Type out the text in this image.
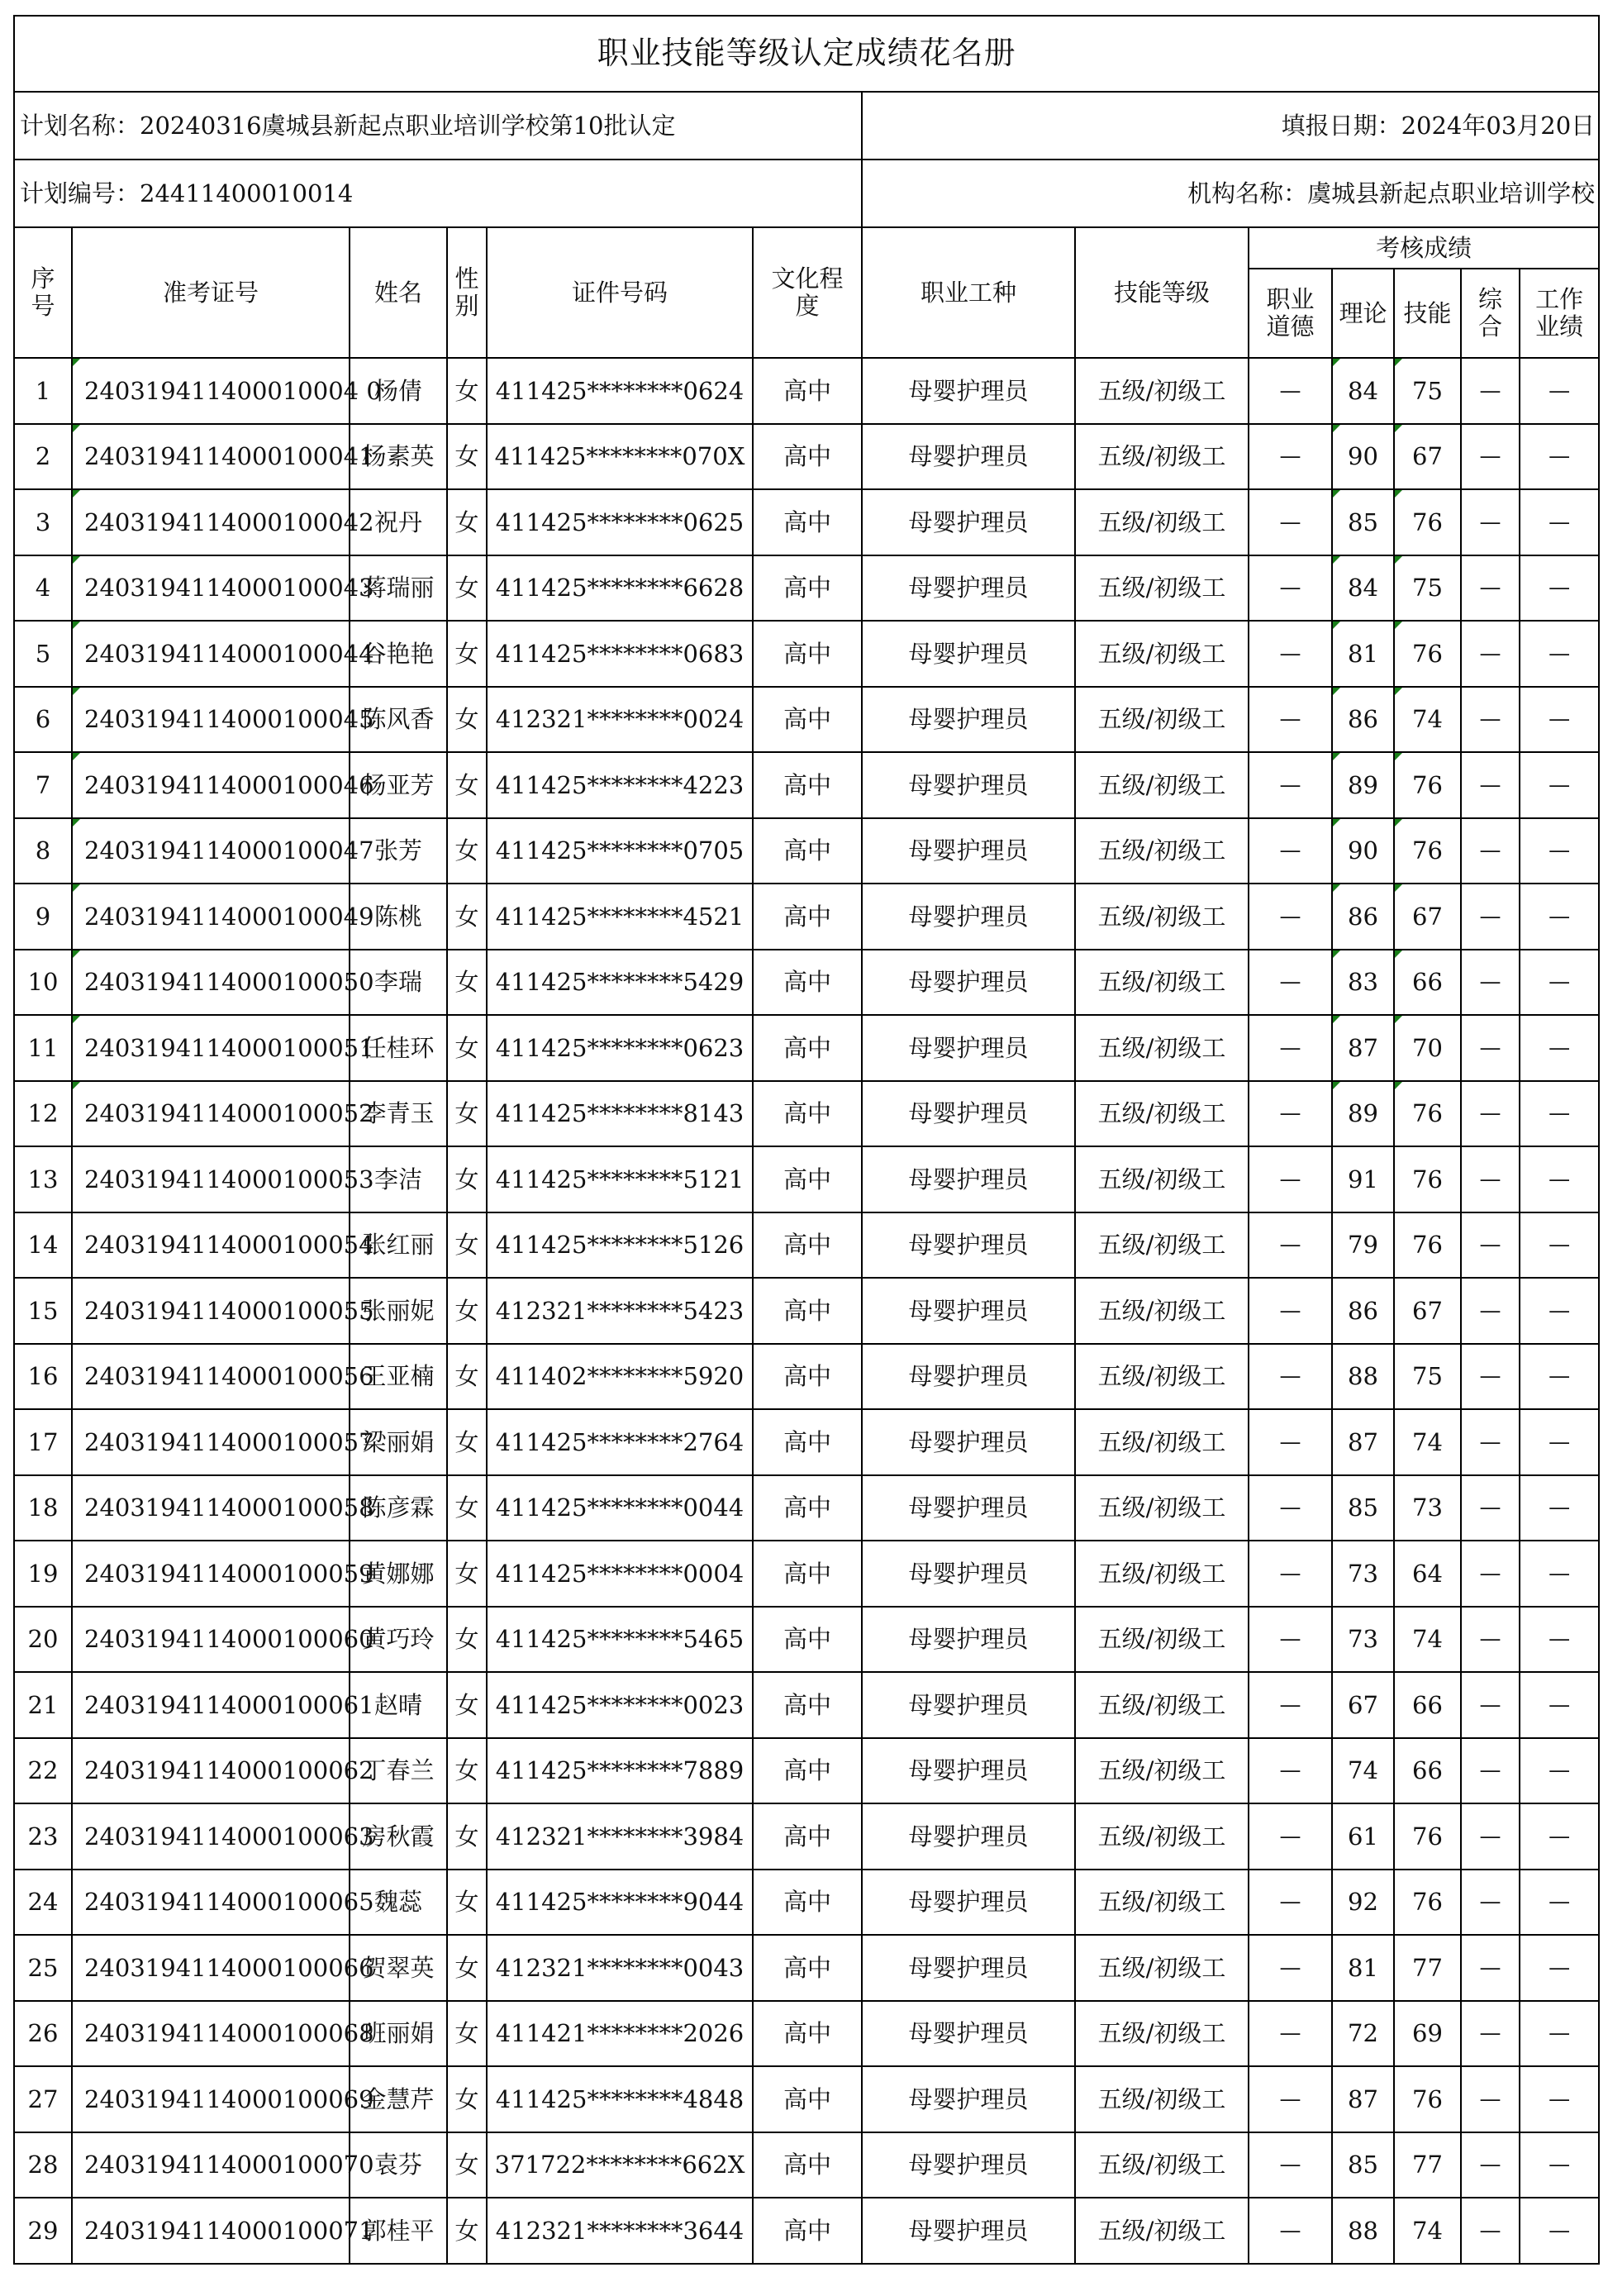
职业技能等级认定成绩花名册												
计划名称：20240316虞城县新起点职业培训学校第10批认定						填报日期：2024年03月20日						
计划编号：24411400010014						机构名称：虞城县新起点职业培训学校						
序号	准考证号	姓名	性别	证件号码	文化程度	职业工种	技能等级	考核成绩				
								职业道德	理论	技能	综合	工作业绩
1	240319411400010004 0	杨倩	女	411425********0624	高中	母婴护理员	五级/初级工	—	84	75	—	—
2	2403194114000100041	杨素英	女	411425********070X	高中	母婴护理员	五级/初级工	—	90	67	—	—
3	2403194114000100042	祝丹	女	411425********0625	高中	母婴护理员	五级/初级工	—	85	76	—	—
4	2403194114000100043	蒋瑞丽	女	411425********6628	高中	母婴护理员	五级/初级工	—	84	75	—	—
5	2403194114000100044	谷艳艳	女	411425********0683	高中	母婴护理员	五级/初级工	—	81	76	—	—
6	2403194114000100045	陈风香	女	412321********0024	高中	母婴护理员	五级/初级工	—	86	74	—	—
7	2403194114000100046	杨亚芳	女	411425********4223	高中	母婴护理员	五级/初级工	—	89	76	—	—
8	2403194114000100047	张芳	女	411425********0705	高中	母婴护理员	五级/初级工	—	90	76	—	—
9	2403194114000100049	陈桃	女	411425********4521	高中	母婴护理员	五级/初级工	—	86	67	—	—
10	2403194114000100050	李瑞	女	411425********5429	高中	母婴护理员	五级/初级工	—	83	66	—	—
11	2403194114000100051	任桂环	女	411425********0623	高中	母婴护理员	五级/初级工	—	87	70	—	—
12	2403194114000100052	李青玉	女	411425********8143	高中	母婴护理员	五级/初级工	—	89	76	—	—
13	2403194114000100053	李洁	女	411425********5121	高中	母婴护理员	五级/初级工	—	91	76	—	—
14	2403194114000100054	张红丽	女	411425********5126	高中	母婴护理员	五级/初级工	—	79	76	—	—
15	2403194114000100055	张丽妮	女	412321********5423	高中	母婴护理员	五级/初级工	—	86	67	—	—
16	2403194114000100056	王亚楠	女	411402********5920	高中	母婴护理员	五级/初级工	—	88	75	—	—
17	2403194114000100057	梁丽娟	女	411425********2764	高中	母婴护理员	五级/初级工	—	87	74	—	—
18	2403194114000100058	陈彦霖	女	411425********0044	高中	母婴护理员	五级/初级工	—	85	73	—	—
19	2403194114000100059	黄娜娜	女	411425********0004	高中	母婴护理员	五级/初级工	—	73	64	—	—
20	2403194114000100060	黄巧玲	女	411425********5465	高中	母婴护理员	五级/初级工	—	73	74	—	—
21	2403194114000100061	赵晴	女	411425********0023	高中	母婴护理员	五级/初级工	—	67	66	—	—
22	2403194114000100062	丁春兰	女	411425********7889	高中	母婴护理员	五级/初级工	—	74	66	—	—
23	2403194114000100063	房秋霞	女	412321********3984	高中	母婴护理员	五级/初级工	—	61	76	—	—
24	2403194114000100065	魏蕊	女	411425********9044	高中	母婴护理员	五级/初级工	—	92	76	—	—
25	2403194114000100066	贺翠英	女	412321********0043	高中	母婴护理员	五级/初级工	—	81	77	—	—
26	2403194114000100068	班丽娟	女	411421********2026	高中	母婴护理员	五级/初级工	—	72	69	—	—
27	2403194114000100069	金慧芹	女	411425********4848	高中	母婴护理员	五级/初级工	—	87	76	—	—
28	2403194114000100070	袁芬	女	371722********662X	高中	母婴护理员	五级/初级工	—	85	77	—	—
29	2403194114000100071	郭桂平	女	412321********3644	高中	母婴护理员	五级/初级工	—	88	74	—	—
